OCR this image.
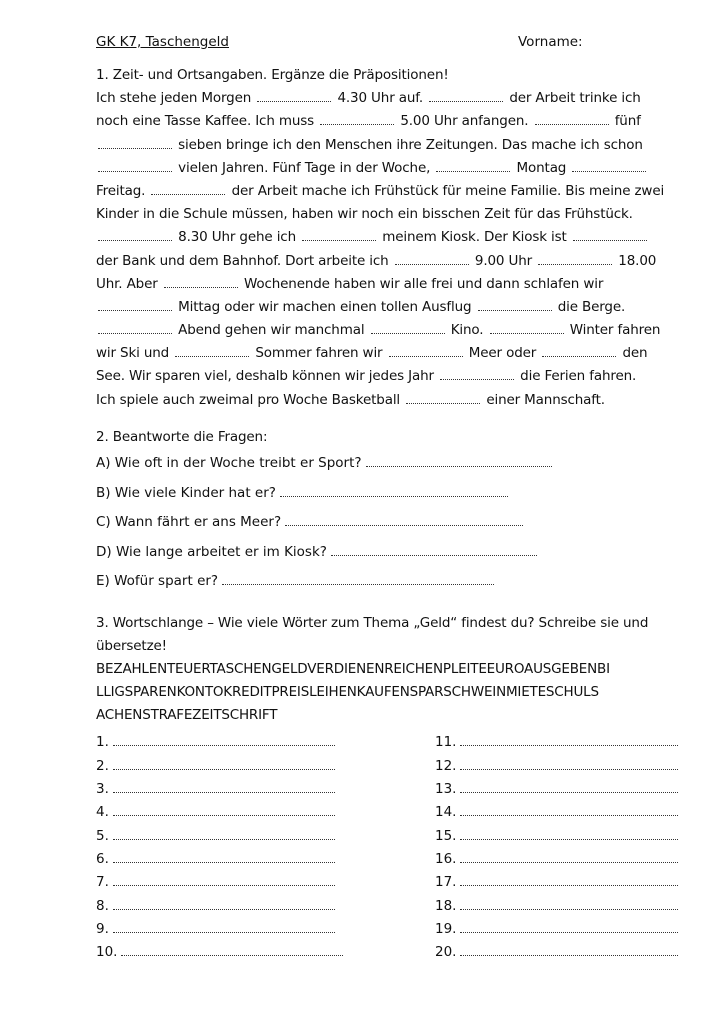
GK K7, Taschengeld	Vorname:
1. Zeit- und Ortsangaben. Ergänze die Präpositionen!
Ich stehe jeden Morgen	4.30 Uhr auf.	der Arbeit trinke ich
noch eine Tasse Kaffee. Ich muss	5.00 Uhr anfangen.	fünf
sieben bringe ich den Menschen ihre Zeitungen. Das mache ich schon
vielen Jahren. Fünf Tage in der Woche,	Montag
Freitag.	der Arbeit mache ich Frühstück für meine Familie. Bis meine zwei
Kinder in die Schule müssen, haben wir noch ein bisschen Zeit für das Frühstück.
8.30 Uhr gehe ich	meinem Kiosk. Der Kiosk ist
der Bank und dem Bahnhof. Dort arbeite ich	9.00 Uhr	18.00
Uhr. Aber	Wochenende haben wir alle frei und dann schlafen wir
Mittag oder wir machen einen tollen Ausflug	die Berge.
Abend gehen wir manchmal	Kino.	Winter fahren
wir Ski und	Sommer fahren wir	Meer oder	den
See. Wir sparen viel, deshalb können wir jedes Jahr	die Ferien fahren.
Ich spiele auch zweimal pro Woche Basketball	einer Mannschaft.
2. Beantworte die Fragen:
A) Wie oft in der Woche treibt er Sport?
B) Wie viele Kinder hat er?
C) Wann fährt er ans Meer?
D) Wie lange arbeitet er im Kiosk?
E) Wofür spart er?
3. Wortschlange – Wie viele Wörter zum Thema „Geld“ findest du? Schreibe sie und
übersetze!
BEZAHLENTEUERTASCHENGELDVERDIENENREICHENPLEITEEUROAUSGEBENBI
LLIGSPARENKONTOKREDITPREISLEIHENKAUFENSPARSCHWEINMIETESCHULS
ACHENSTRAFEZEITSCHRIFT
1.
2.
3.
4.
5.
6.
7.
8.
9.
10.
11.
12.
13.
14.
15.
16.
17.
18.
19.
20.
